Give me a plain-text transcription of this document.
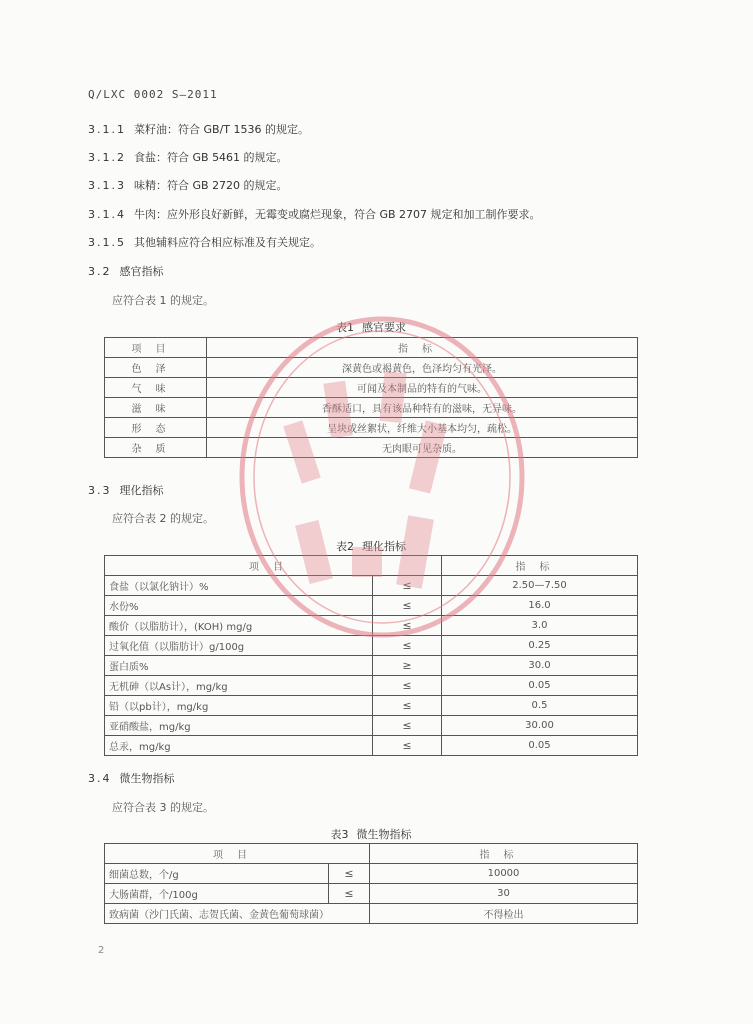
Q/LXC 0002 S—2011
3.1.1 菜籽油：符合 GB/T 1536 的规定。
3.1.2 食盐：符合 GB 5461 的规定。
3.1.3 味精：符合 GB 2720 的规定。
3.1.4 牛肉：应外形良好新鲜，无霉变或腐烂现象，符合 GB 2707 规定和加工制作要求。
3.1.5 其他辅料应符合相应标准及有关规定。
3.2 感官指标
应符合表 1 的规定。
表1 感官要求
项目	指标
色泽	深黄色或褐黄色，色泽均匀有光泽。
气味	可闻及本制品的特有的气味。
滋味	香酥适口，具有该品种特有的滋味，无异味。
形态	呈块或丝絮状，纤维大小基本均匀，疏松。
杂质	无肉眼可见杂质。
3.3 理化指标
应符合表 2 的规定。
表2 理化指标
项目		指标
食盐（以氯化钠计）%	≤	2.50—7.50
水份%	≤	16.0
酸价（以脂肪计），(KOH) mg/g	≤	3.0
过氧化值（以脂肪计）g/100g	≤	0.25
蛋白质%	≥	30.0
无机砷（以As计），mg/kg	≤	0.05
铅（以pb计），mg/kg	≤	0.5
亚硝酸盐，mg/kg	≤	30.00
总汞，mg/kg	≤	0.05
3.4 微生物指标
应符合表 3 的规定。
表3 微生物指标
项目		指标
细菌总数，个/g	≤	10000
大肠菌群，个/100g	≤	30
致病菌（沙门氏菌、志贺氏菌、金黄色葡萄球菌）		不得检出
2
